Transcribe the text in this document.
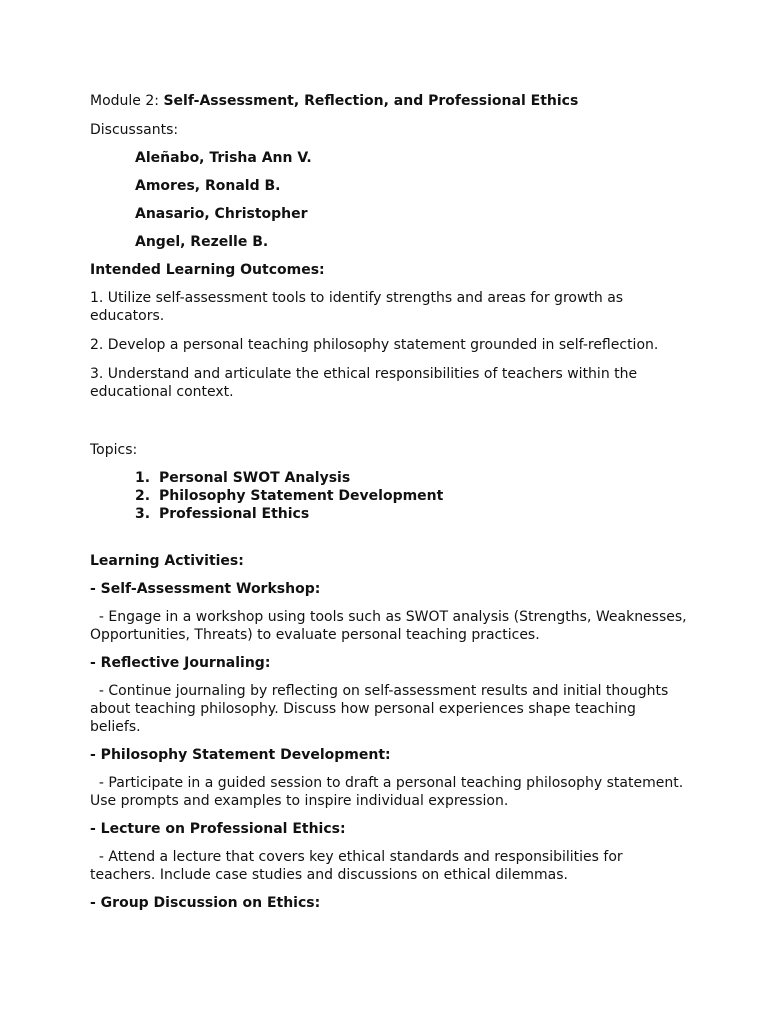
Module 2: Self-Assessment, Reflection, and Professional Ethics

Discussants:

Aleñabo, Trisha Ann V.

Amores, Ronald B.

Anasario, Christopher

Angel, Rezelle B.

Intended Learning Outcomes:

1. Utilize self-assessment tools to identify strengths and areas for growth as educators.

2. Develop a personal teaching philosophy statement grounded in self-reflection.

3. Understand and articulate the ethical responsibilities of teachers within the educational context.

Topics:

1. Personal SWOT Analysis
2. Philosophy Statement Development
3. Professional Ethics

Learning Activities:

- Self-Assessment Workshop:

- Engage in a workshop using tools such as SWOT analysis (Strengths, Weaknesses, Opportunities, Threats) to evaluate personal teaching practices.

- Reflective Journaling:

- Continue journaling by reflecting on self-assessment results and initial thoughts about teaching philosophy. Discuss how personal experiences shape teaching beliefs.

- Philosophy Statement Development:

- Participate in a guided session to draft a personal teaching philosophy statement. Use prompts and examples to inspire individual expression.

- Lecture on Professional Ethics:

- Attend a lecture that covers key ethical standards and responsibilities for teachers. Include case studies and discussions on ethical dilemmas.

- Group Discussion on Ethics:
